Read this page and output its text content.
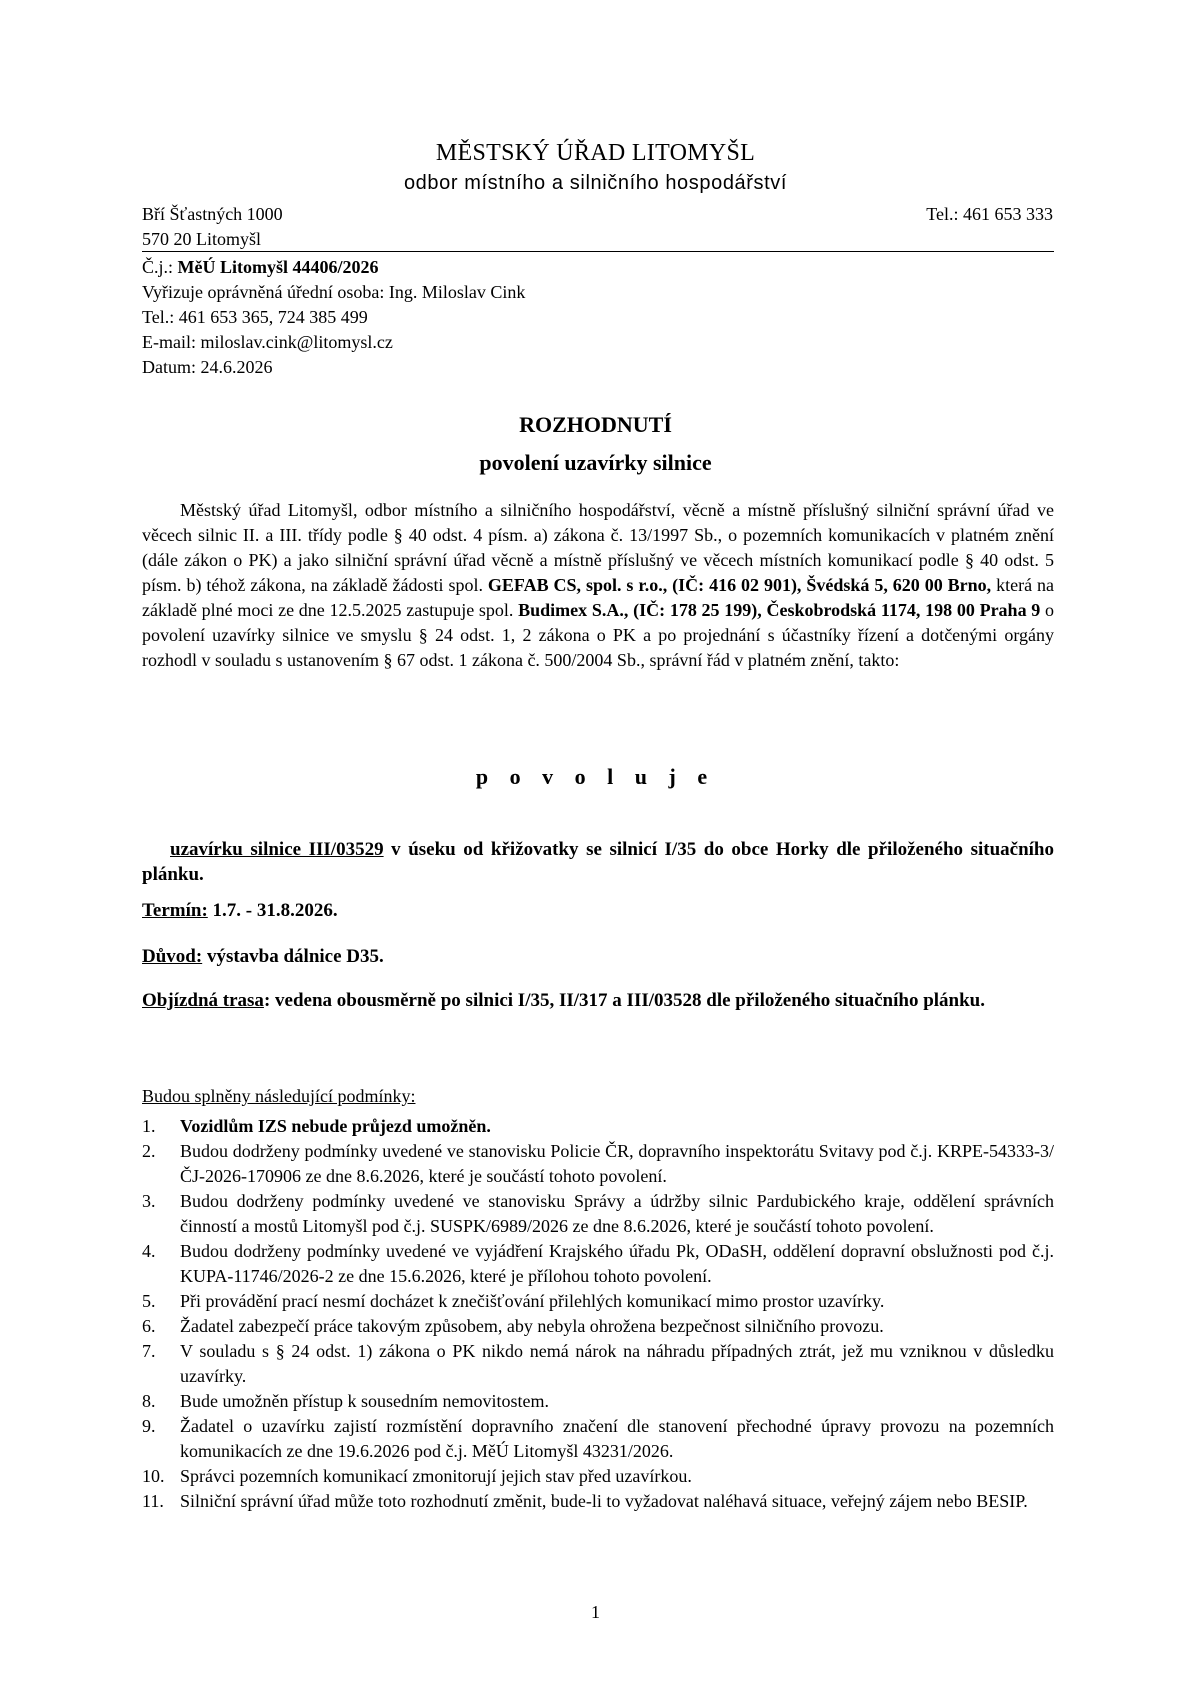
MĚSTSKÝ ÚŘAD LITOMYŠL
odbor místního a silničního hospodářství
Bří Šťastných 1000
570 20 Litomyšl
Tel.: 461 653 333
Č.j.: MěÚ Litomyšl 44406/2026
Vyřizuje oprávněná úřední osoba: Ing. Miloslav Cink
Tel.: 461 653 365, 724 385 499
E-mail: miloslav.cink@litomysl.cz
Datum: 24.6.2026
ROZHODNUTÍ
povolení uzavírky silnice

Městský úřad Litomyšl, odbor místního a silničního hospodářství, věcně a místně příslušný silniční správní úřad ve věcech silnic II. a III. třídy podle § 40 odst. 4 písm. a) zákona č. 13/1997 Sb., o pozemních komunikacích v platném znění (dále zákon o PK) a jako silniční správní úřad věcně a místně příslušný ve věcech místních komunikací podle § 40 odst. 5 písm. b) téhož zákona, na základě žádosti spol. GEFAB CS, spol. s r.o., (IČ: 416 02 901), Švédská 5, 620 00 Brno, která na základě plné moci ze dne 12.5.2025 zastupuje spol. Budimex S.A., (IČ: 178 25 199), Českobrodská 1174, 198 00 Praha 9 o povolení uzavírky silnice ve smyslu § 24 odst. 1, 2 zákona o PK a po projednání s účastníky řízení a dotčenými orgány rozhodl v souladu s ustanovením § 67 odst. 1 zákona č. 500/2004 Sb., správní řád v platném znění, takto:

p o v o l u j e

uzavírku silnice III/03529 v úseku od křižovatky se silnicí I/35 do obce Horky dle přiloženého situačního plánku.

Termín: 1.7. - 31.8.2026.

Důvod: výstavba dálnice D35.

Objízdná trasa: vedena obousměrně po silnici I/35, II/317 a III/03528 dle přiloženého situačního plánku.

Budou splněny následující podmínky:
1. Vozidlům IZS nebude průjezd umožněn.
2. Budou dodrženy podmínky uvedené ve stanovisku Policie ČR, dopravního inspektorátu Svitavy pod č.j. KRPE-54333-3/ČJ-2026-170906 ze dne 8.6.2026, které je součástí tohoto povolení.
3. Budou dodrženy podmínky uvedené ve stanovisku Správy a údržby silnic Pardubického kraje, oddělení správních činností a mostů Litomyšl pod č.j. SUSPK/6989/2026 ze dne 8.6.2026, které je součástí tohoto povolení.
4. Budou dodrženy podmínky uvedené ve vyjádření Krajského úřadu Pk, ODaSH, oddělení dopravní obslužnosti pod č.j. KUPA-11746/2026-2 ze dne 15.6.2026, které je přílohou tohoto povolení.
5. Při provádění prací nesmí docházet k znečišťování přilehlých komunikací mimo prostor uzavírky.
6. Žadatel zabezpečí práce takovým způsobem, aby nebyla ohrožena bezpečnost silničního provozu.
7. V souladu s § 24 odst. 1) zákona o PK nikdo nemá nárok na náhradu případných ztrát, jež mu vzniknou v důsledku uzavírky.
8. Bude umožněn přístup k sousedním nemovitostem.
9. Žadatel o uzavírku zajistí rozmístění dopravního značení dle stanovení přechodné úpravy provozu na pozemních komunikacích ze dne 19.6.2026 pod č.j. MěÚ Litomyšl 43231/2026.
10. Správci pozemních komunikací zmonitorují jejich stav před uzavírkou.
11. Silniční správní úřad může toto rozhodnutí změnit, bude-li to vyžadovat naléhavá situace, veřejný zájem nebo BESIP.
1
